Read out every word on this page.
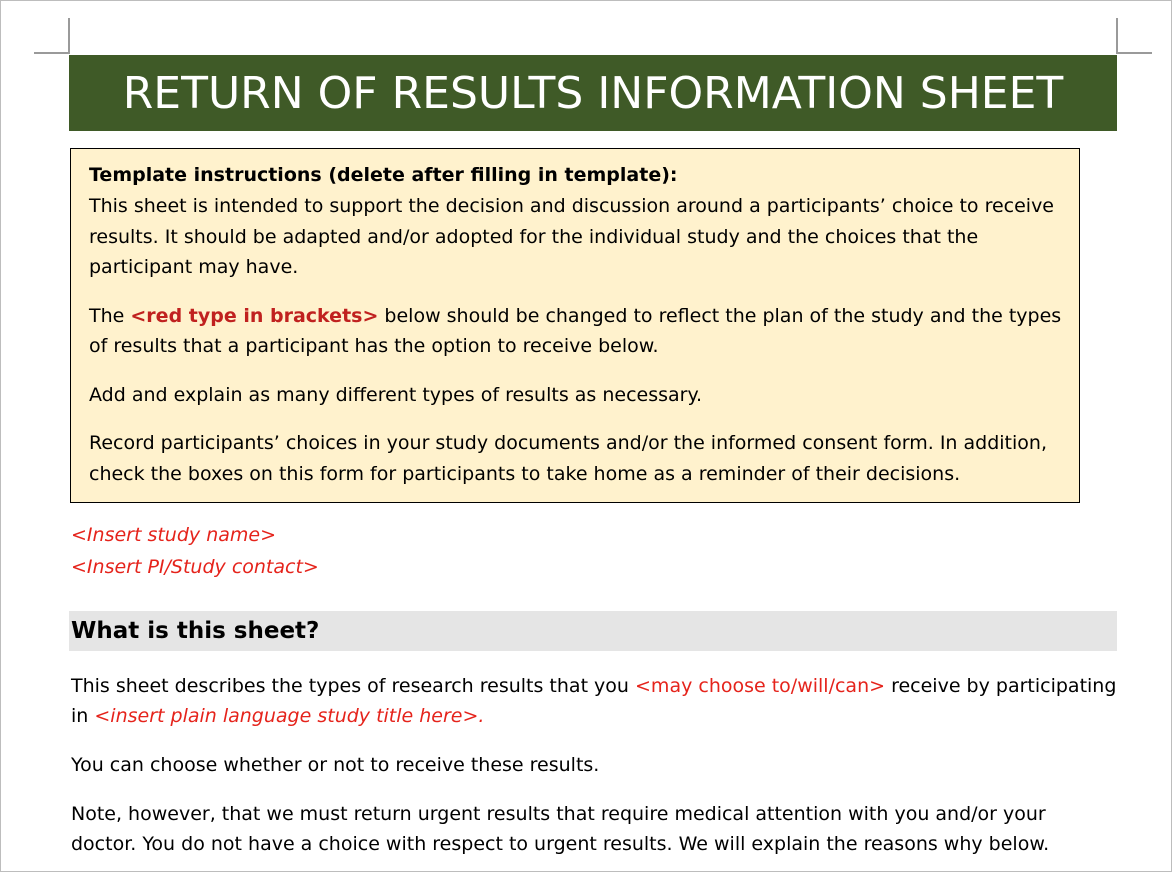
RETURN OF RESULTS INFORMATION SHEET

Template instructions (delete after filling in template):

This sheet is intended to support the decision and discussion around a participants’ choice to receive results. It should be adapted and/or adopted for the individual study and the choices that the participant may have.

The <red type in brackets> below should be changed to reflect the plan of the study and the types of results that a participant has the option to receive below.

Add and explain as many different types of results as necessary.

Record participants’ choices in your study documents and/or the informed consent form. In addition, check the boxes on this form for participants to take home as a reminder of their decisions.

<Insert study name>
<Insert PI/Study contact>
What is this sheet?

This sheet describes the types of research results that you <may choose to/will/can> receive by participating in <insert plain language study title here>.

You can choose whether or not to receive these results.

Note, however, that we must return urgent results that require medical attention with you and/or your doctor. You do not have a choice with respect to urgent results. We will explain the reasons why below.
